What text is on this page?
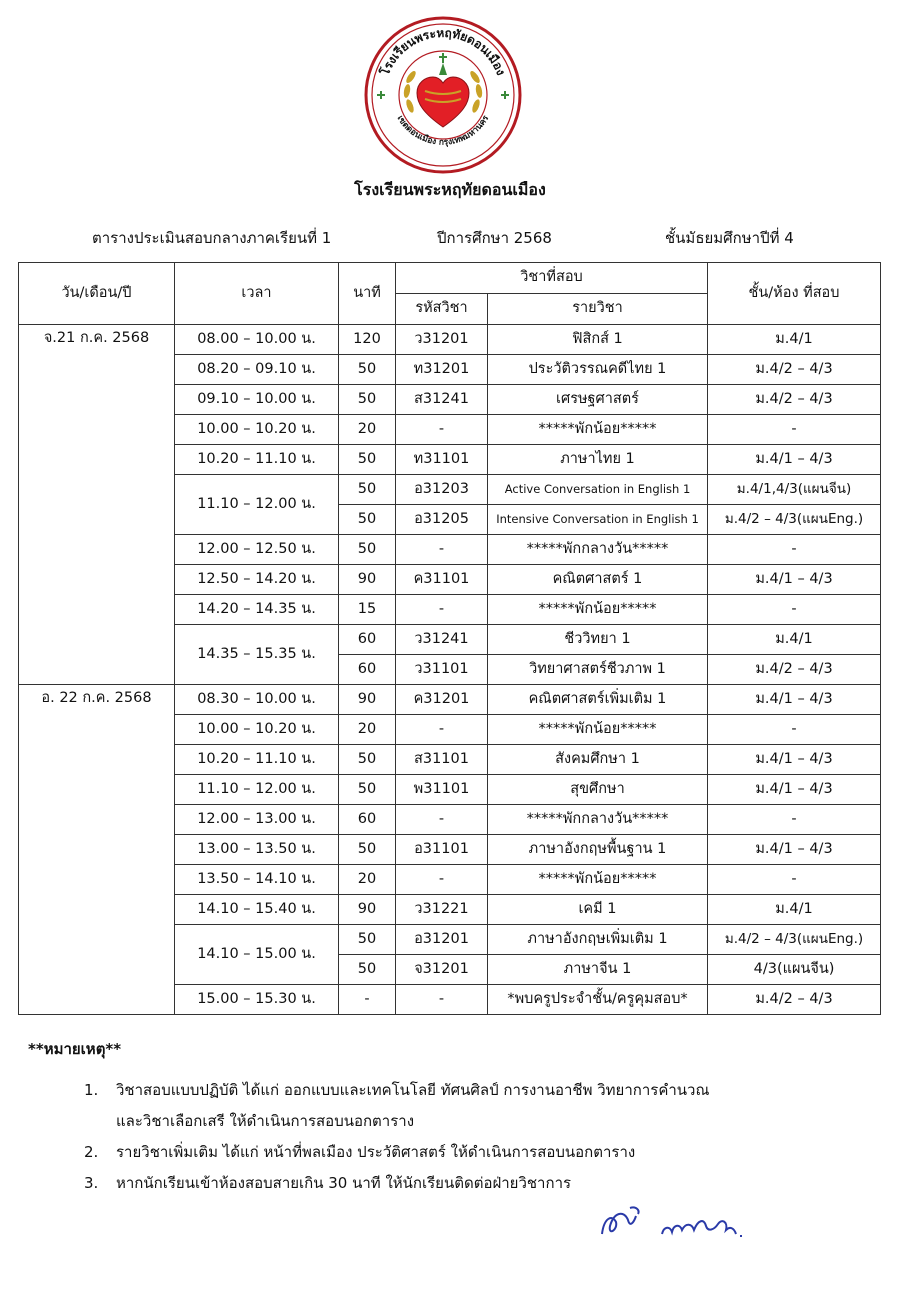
โรงเรียนพระหฤทัยดอนเมือง
เขตดอนเมือง กรุงเทพมหานคร
โรงเรียนพระหฤทัยดอนเมือง
ตารางประเมินสอบกลางภาคเรียนที่ 1	ปีการศึกษา 2568	ชั้นมัธยมศึกษาปีที่ 4
วัน/เดือน/ปี	เวลา	นาที	วิชาที่สอบ		ชั้น/ห้อง ที่สอบ
			รหัสวิชา	รายวิชา	
จ.21 ก.ค. 2568	08.00 – 10.00 น.	120	ว31201	ฟิสิกส์ 1	ม.4/1
	08.20 – 09.10 น.	50	ท31201	ประวัติวรรณคดีไทย 1	ม.4/2 – 4/3
	09.10 – 10.00 น.	50	ส31241	เศรษฐศาสตร์	ม.4/2 – 4/3
	10.00 – 10.20 น.	20	-	*****พักน้อย*****	-
	10.20 – 11.10 น.	50	ท31101	ภาษาไทย 1	ม.4/1 – 4/3
	11.10 – 12.00 น.	50	อ31203	Active Conversation in English 1	ม.4/1,4/3(แผนจีน)
		50	อ31205	Intensive Conversation in English 1	ม.4/2 – 4/3(แผนEng.)
	12.00 – 12.50 น.	50	-	*****พักกลางวัน*****	-
	12.50 – 14.20 น.	90	ค31101	คณิตศาสตร์ 1	ม.4/1 – 4/3
	14.20 – 14.35 น.	15	-	*****พักน้อย*****	-
	14.35 – 15.35 น.	60	ว31241	ชีววิทยา 1	ม.4/1
		60	ว31101	วิทยาศาสตร์ชีวภาพ 1	ม.4/2 – 4/3
อ. 22 ก.ค. 2568	08.30 – 10.00 น.	90	ค31201	คณิตศาสตร์เพิ่มเติม 1	ม.4/1 – 4/3
	10.00 – 10.20 น.	20	-	*****พักน้อย*****	-
	10.20 – 11.10 น.	50	ส31101	สังคมศึกษา 1	ม.4/1 – 4/3
	11.10 – 12.00 น.	50	พ31101	สุขศึกษา	ม.4/1 – 4/3
	12.00 – 13.00 น.	60	-	*****พักกลางวัน*****	-
	13.00 – 13.50 น.	50	อ31101	ภาษาอังกฤษพื้นฐาน 1	ม.4/1 – 4/3
	13.50 – 14.10 น.	20	-	*****พักน้อย*****	-
	14.10 – 15.40 น.	90	ว31221	เคมี 1	ม.4/1
	14.10 – 15.00 น.	50	อ31201	ภาษาอังกฤษเพิ่มเติม 1	ม.4/2 – 4/3(แผนEng.)
		50	จ31201	ภาษาจีน 1	4/3(แผนจีน)
	15.00 – 15.30 น.	-	-	*พบครูประจำชั้น/ครูคุมสอบ*	ม.4/2 – 4/3
**หมายเหตุ**
1. วิชาสอบแบบปฏิบัติ ได้แก่ ออกแบบและเทคโนโลยี ทัศนศิลป์ การงานอาชีพ วิทยาการคำนวณ
และวิชาเลือกเสรี ให้ดำเนินการสอบนอกตาราง
2. รายวิชาเพิ่มเติม ได้แก่ หน้าที่พลเมือง ประวัติศาสตร์ ให้ดำเนินการสอบนอกตาราง
3. หากนักเรียนเข้าห้องสอบสายเกิน 30 นาที ให้นักเรียนติดต่อฝ่ายวิชาการ
